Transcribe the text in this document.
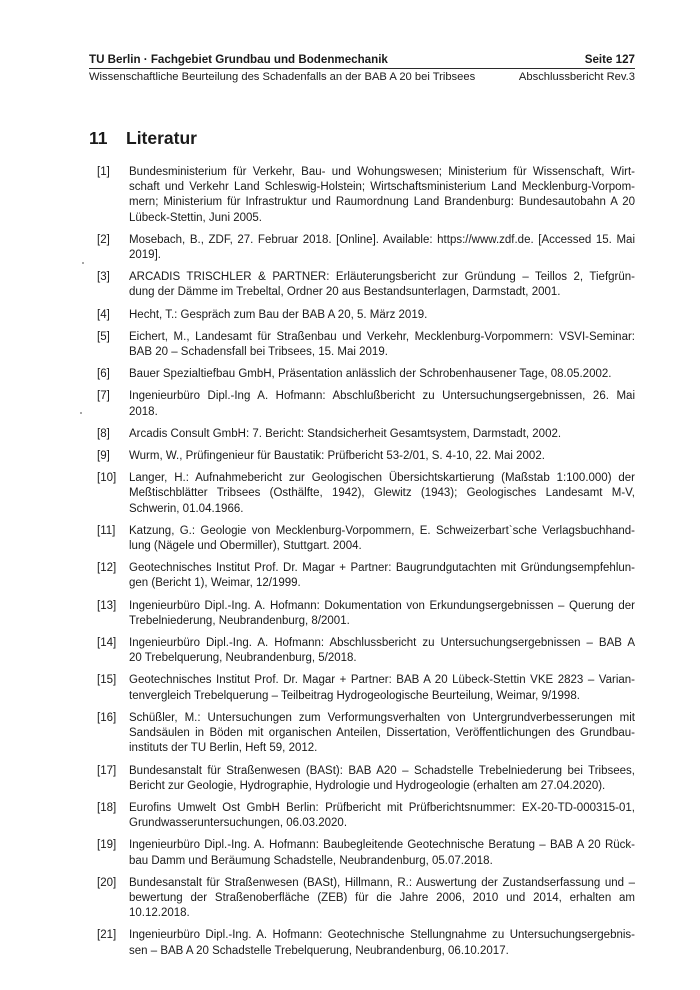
TU Berlin · Fachgebiet Grundbau und Bodenmechanik	Seite 127
Wissenschaftliche Beurteilung des Schadenfalls an der BAB A 20 bei Tribsees	Abschlussbericht Rev.3
11 Literatur
[1] Bundesministerium für Verkehr, Bau- und Wohungswesen; Ministerium für Wissenschaft, Wirt-
schaft und Verkehr Land Schleswig-Holstein; Wirtschaftsministerium Land Mecklenburg-Vorpom-
mern; Ministerium für Infrastruktur und Raumordnung Land Brandenburg: Bundesautobahn A 20
Lübeck-Stettin, Juni 2005.
[2] Mosebach, B., ZDF, 27. Februar 2018. [Online]. Available: https://www.zdf.de. [Accessed 15. Mai
2019].
[3] ARCADIS TRISCHLER & PARTNER: Erläuterungsbericht zur Gründung – Teillos 2, Tiefgrün-
dung der Dämme im Trebeltal, Ordner 20 aus Bestandsunterlagen, Darmstadt, 2001.
[4] Hecht, T.: Gespräch zum Bau der BAB A 20, 5. März 2019.
[5] Eichert, M., Landesamt für Straßenbau und Verkehr, Mecklenburg-Vorpommern: VSVI-Seminar:
BAB 20 – Schadensfall bei Tribsees, 15. Mai 2019.
[6] Bauer Spezialtiefbau GmbH, Präsentation anlässlich der Schrobenhausener Tage, 08.05.2002.
[7] Ingenieurbüro Dipl.-Ing A. Hofmann: Abschlußbericht zu Untersuchungsergebnissen, 26. Mai
2018.
[8] Arcadis Consult GmbH: 7. Bericht: Standsicherheit Gesamtsystem, Darmstadt, 2002.
[9] Wurm, W., Prüfingenieur für Baustatik: Prüfbericht 53-2/01, S. 4-10, 22. Mai 2002.
[10] Langer, H.: Aufnahmebericht zur Geologischen Übersichtskartierung (Maßstab 1:100.000) der
Meßtischblätter Tribsees (Osthälfte, 1942), Glewitz (1943); Geologisches Landesamt M-V,
Schwerin, 01.04.1966.
[11] Katzung, G.: Geologie von Mecklenburg-Vorpommern, E. Schweizerbart`sche Verlagsbuchhand-
lung (Nägele und Obermiller), Stuttgart. 2004.
[12] Geotechnisches Institut Prof. Dr. Magar + Partner: Baugrundgutachten mit Gründungsempfehlun-
gen (Bericht 1), Weimar, 12/1999.
[13] Ingenieurbüro Dipl.-Ing. A. Hofmann: Dokumentation von Erkundungsergebnissen – Querung der
Trebelniederung, Neubrandenburg, 8/2001.
[14] Ingenieurbüro Dipl.-Ing. A. Hofmann: Abschlussbericht zu Untersuchungsergebnissen – BAB A
20 Trebelquerung, Neubrandenburg, 5/2018.
[15] Geotechnisches Institut Prof. Dr. Magar + Partner: BAB A 20 Lübeck-Stettin VKE 2823 – Varian-
tenvergleich Trebelquerung – Teilbeitrag Hydrogeologische Beurteilung, Weimar, 9/1998.
[16] Schüßler, M.: Untersuchungen zum Verformungsverhalten von Untergrundverbesserungen mit
Sandsäulen in Böden mit organischen Anteilen, Dissertation, Veröffentlichungen des Grundbau-
instituts der TU Berlin, Heft 59, 2012.
[17] Bundesanstalt für Straßenwesen (BASt): BAB A20 – Schadstelle Trebelniederung bei Tribsees,
Bericht zur Geologie, Hydrographie, Hydrologie und Hydrogeologie (erhalten am 27.04.2020).
[18] Eurofins Umwelt Ost GmbH Berlin: Prüfbericht mit Prüfberichtsnummer: EX-20-TD-000315-01,
Grundwasseruntersuchungen, 06.03.2020.
[19] Ingenieurbüro Dipl.-Ing. A. Hofmann: Baubegleitende Geotechnische Beratung – BAB A 20 Rück-
bau Damm und Beräumung Schadstelle, Neubrandenburg, 05.07.2018.
[20] Bundesanstalt für Straßenwesen (BASt), Hillmann, R.: Auswertung der Zustandserfassung und –
bewertung der Straßenoberfläche (ZEB) für die Jahre 2006, 2010 und 2014, erhalten am
10.12.2018.
[21] Ingenieurbüro Dipl.-Ing. A. Hofmann: Geotechnische Stellungnahme zu Untersuchungsergebnis-
sen – BAB A 20 Schadstelle Trebelquerung, Neubrandenburg, 06.10.2017.
